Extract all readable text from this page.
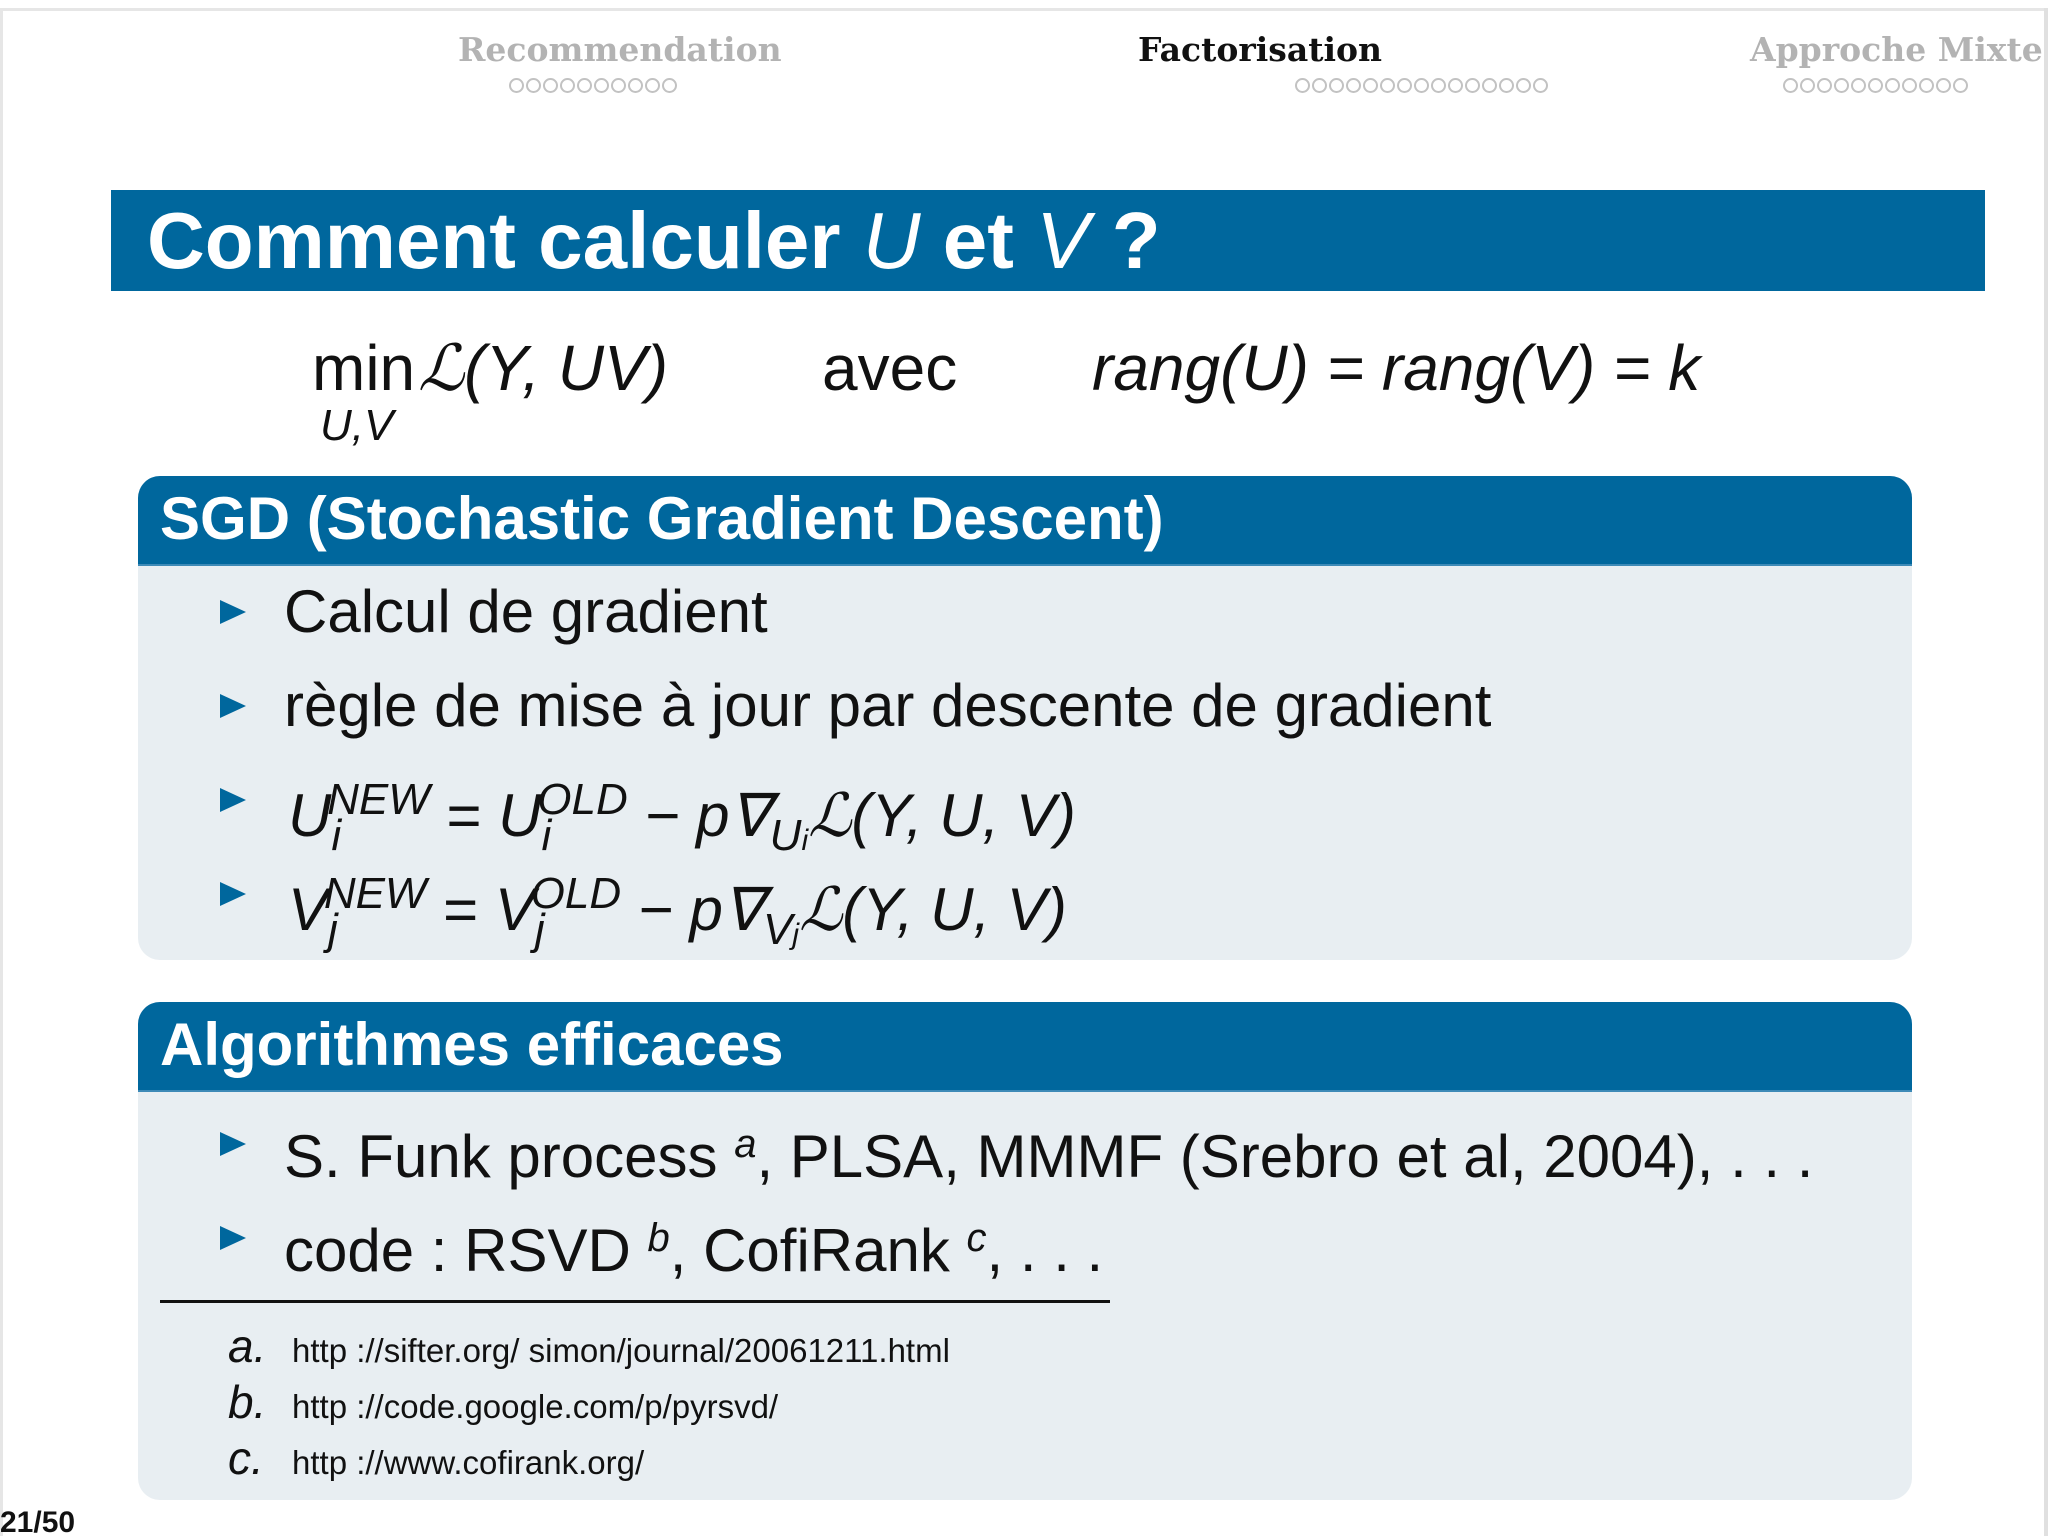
Recommendation	Factorisation	Approche Mixte
Comment calculer U et V ?
min
U,V
ℒ(Y, UV) avec rang(U) = rang(V) = k
SGD (Stochastic Gradient Descent)
Calcul de gradient
règle de mise à jour par descente de gradient
$U_i^{NEW} = U_i^{OLD}$ − $p\nabla_{Ui}ℒ(Y$, U, V)
$V_j^{NEW} = V_j^{OLD}$ − $p\nabla_{Vj}ℒ(Y$, U, V)
Algorithmes efficaces
S. Funk process $^a$, PLSA, MMMF (Srebro et al, 2004), . . .
code : RSVD $^b$, CofiRank $^c$, . . .
a. http ://sifter.org/ simon/journal/20061211.html
b. http ://code.google.com/p/pyrsvd/
c. http ://www.cofirank.org/
21/50
